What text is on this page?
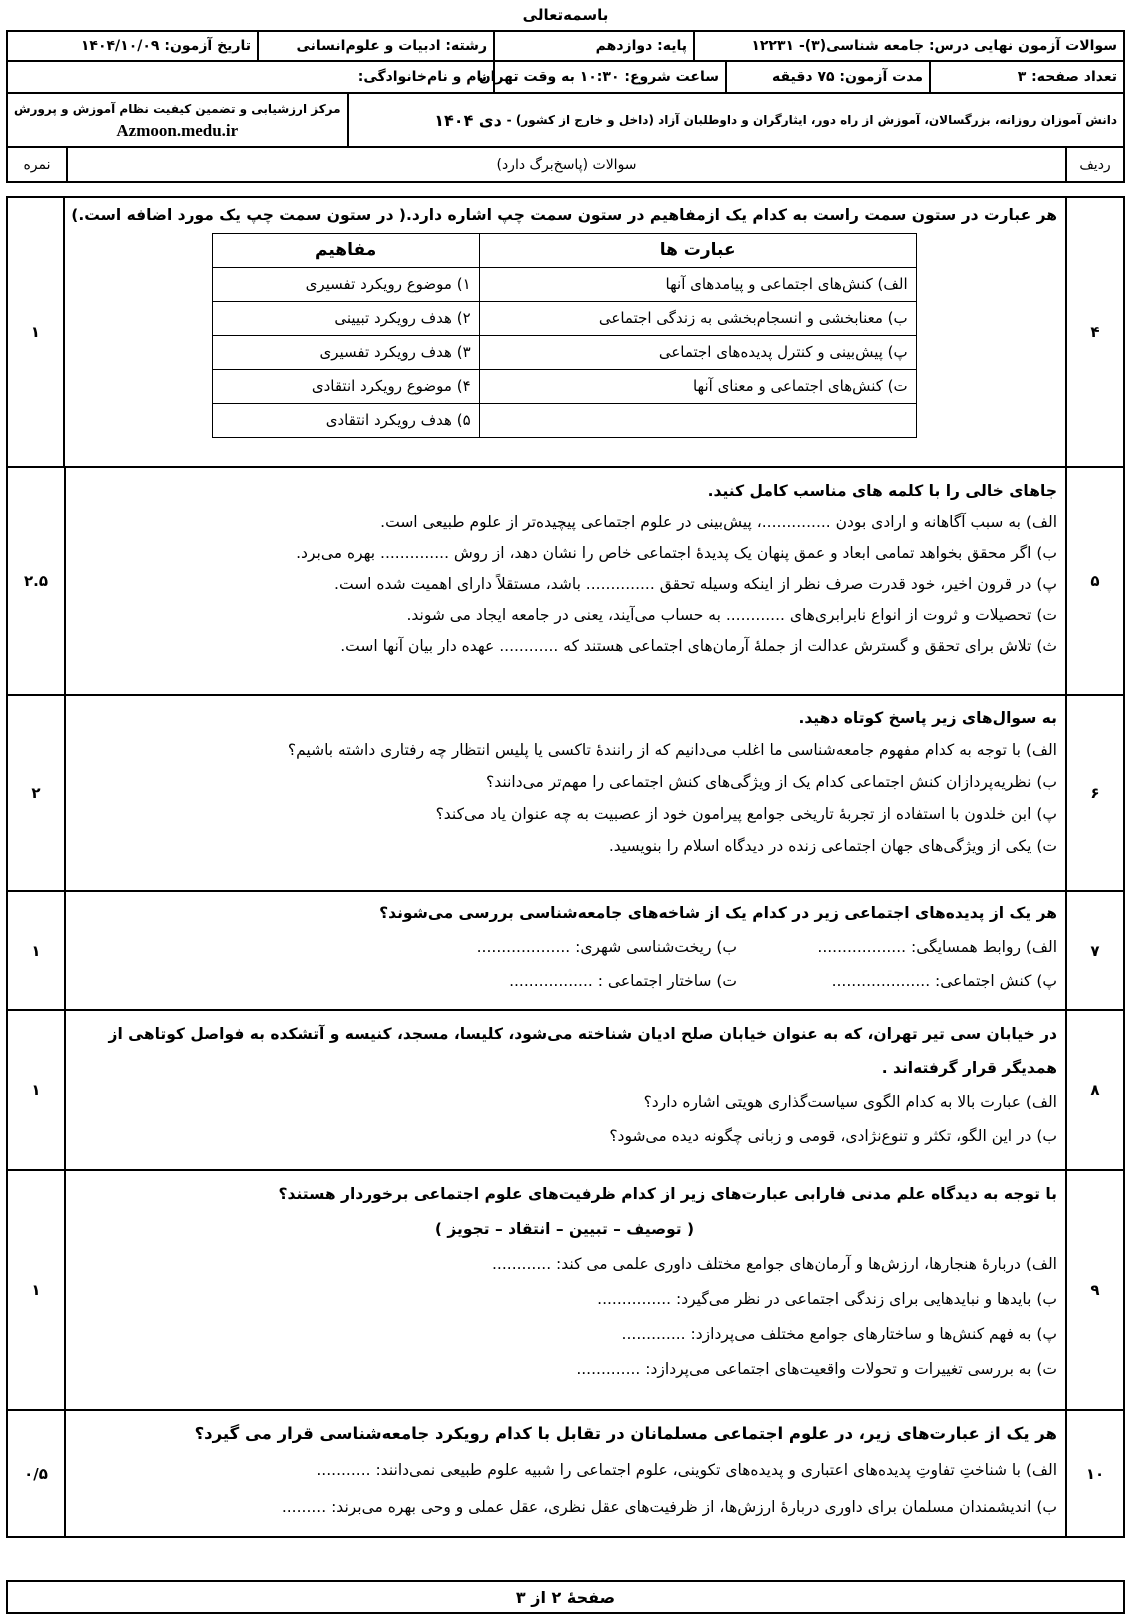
باسمه‌تعالی
سوالات آزمون نهایی درس: جامعه شناسی(۳)- ۱۲۲۳۱
پایه: دوازدهم
رشته: ادبیات و علوم‌انسانی
تاریخ آزمون: ۱۴۰۴/۱۰/۰۹
تعداد صفحه: ۳
مدت آزمون: ۷۵ دقیقه
ساعت شروع:

۱۰:۳۰ به وقت تهران
نام و نام‌خانوادگی:
دانش آموزان روزانه، بزرگسالان، آموزش از راه دور، ایثارگران و داوطلبان آزاد (داخل و خارج از کشور) -

دی ۱۴۰۴
مرکز ارزشیابی و تضمین کیفیت نظام آموزش و پرورش
Azmoon.medu.ir
ردیف
سوالات (پاسخ‌برگ دارد)
نمره
۴
هر عبارت در ستون سمت راست به کدام یک ازمفاهیم در ستون سمت چپ اشاره دارد.( در ستون سمت چپ یک مورد اضافه است.)
عبارت ها	مفاهیم
الف) کنش‌های اجتماعی و پیامدهای آنها	۱) موضوع رویکرد تفسیری
ب) معنابخشی و انسجام‌بخشی به زندگی اجتماعی	۲) هدف رویکرد تبیینی
پ) پیش‌بینی و کنترل پدیده‌های اجتماعی	۳) هدف رویکرد تفسیری
ت) کنش‌های اجتماعی و معنای آنها	۴) موضوع رویکرد انتقادی
	۵) هدف رویکرد انتقادی
۱
۵
جاهای خالی را با کلمه های مناسب کامل کنید.
الف) به سبب آگاهانه و ارادی بودن ..............، پیش‌بینی در علوم اجتماعی پیچیده‌تر از علوم طبیعی است.
ب) اگر محقق بخواهد تمامی ابعاد و عمق پنهان یک پدیدۀ اجتماعی خاص را نشان دهد، از روش .............. بهره می‌برد.
پ) در قرون اخیر، خود قدرت صرف نظر از اینکه وسیله تحقق .............. باشد، مستقلاً دارای اهمیت شده است.
ت) تحصیلات و ثروت از انواع نابرابری‌های ............ به حساب می‌آیند، یعنی در جامعه ایجاد می شوند.
ث) تلاش برای تحقق و گسترش عدالت از جملۀ آرمان‌های اجتماعی هستند که ............ عهده دار بیان آنها است.
۲.۵
۶
به سوال‌های زیر پاسخ کوتاه دهید.
الف) با توجه به کدام مفهوم جامعه‌شناسی ما اغلب می‌دانیم که از رانندۀ تاکسی یا پلیس انتظار چه رفتاری داشته باشیم؟
ب) نظریه‌پردازان کنش اجتماعی کدام یک از ویژگی‌های کنش اجتماعی را مهم‌تر می‌دانند؟
پ) ابن خلدون با استفاده از تجربۀ تاریخی جوامع پیرامون خود از عصبیت به چه عنوان یاد می‌کند؟
ت) یکی از ویژگی‌های جهان اجتماعی زنده در دیدگاه اسلام را بنویسید.
۲
۷
هر یک از پدیده‌های اجتماعی زیر در کدام یک از شاخه‌های جامعه‌شناسی بررسی می‌شوند؟
الف) روابط همسایگی: ..................
ب) ریخت‌شناسی شهری: ...................
پ) کنش اجتماعی: ....................
ت) ساختار اجتماعی : .................
۱
۸
در خیابان سی تیر تهران، که به عنوان خیابان صلح ادیان شناخته می‌شود، کلیسا، مسجد، کنیسه و آتشکده به فواصل کوتاهی از
همدیگر قرار گرفته‌اند .
الف) عبارت بالا به کدام الگوی سیاست‌گذاری هویتی اشاره دارد؟
ب) در این الگو، تکثر و تنوع‌نژادی، قومی و زبانی چگونه دیده می‌شود؟
۱
۹
با توجه به دیدگاه علم مدنی فارابی عبارت‌های زیر از کدام ظرفیت‌های علوم اجتماعی برخوردار هستند؟
( توصیف – تبیین – انتقاد – تجویز )
الف) دربارۀ هنجارها، ارزش‌ها و آرمان‌های جوامع مختلف داوری علمی می کند: ............
ب) بایدها و نبایدهایی برای زندگی اجتماعی در نظر می‌گیرد: ...............
پ) به فهم کنش‌ها و ساختارهای جوامع مختلف می‌پردازد: .............
ت) به بررسی تغییرات و تحولات واقعیت‌های اجتماعی می‌پردازد: .............
۱
۱۰
هر یک از عبارت‌های زیر، در علوم اجتماعی مسلمانان در تقابل با کدام رویکرد جامعه‌شناسی قرار می گیرد؟
الف) با شناختِ تفاوتِ پدیده‌های اعتباری و پدیده‌های تکوینی، علوم اجتماعی را شبیه علوم طبیعی نمی‌دانند: ...........
ب) اندیشمندان مسلمان برای داوری دربارۀ ارزش‌ها، از ظرفیت‌های عقل نظری، عقل عملی و وحی بهره می‌برند: .........
۰/۵
صفحۀ ۲ از ۳
